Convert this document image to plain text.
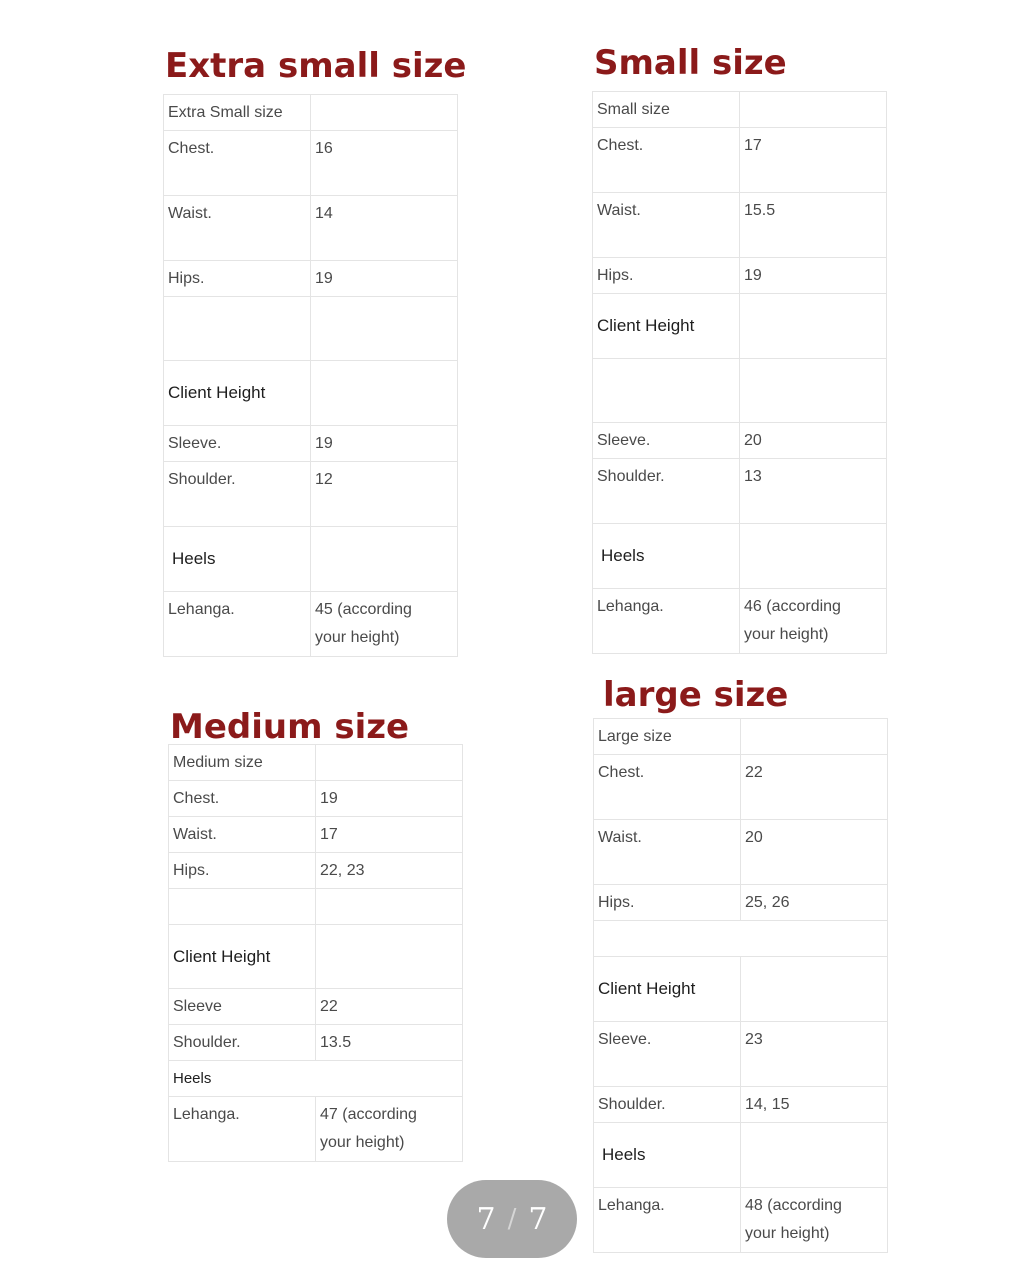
Extra small size
Extra Small size	
Chest.	16
Waist.	14
Hips.	19

Client Height	
Sleeve.	19
Shoulder.	12
Heels	
Lehanga.	45 (according
your height)
Small size
Small size	
Chest.	17
Waist.	15.5
Hips.	19
Client Height	

Sleeve.	20
Shoulder.	13
Heels	
Lehanga.	46 (according
your height)
Medium size
Medium size	
Chest.	19
Waist.	17
Hips.	22, 23

Client Height	
Sleeve	22
Shoulder.	13.5
Heels	
Lehanga.	47 (according
your height)
large size
Large size	
Chest.	22
Waist.	20
Hips.	25, 26

Client Height	
Sleeve.	23
Shoulder.	14, 15
Heels	
Lehanga.	48 (according
your height)
7 / 7
